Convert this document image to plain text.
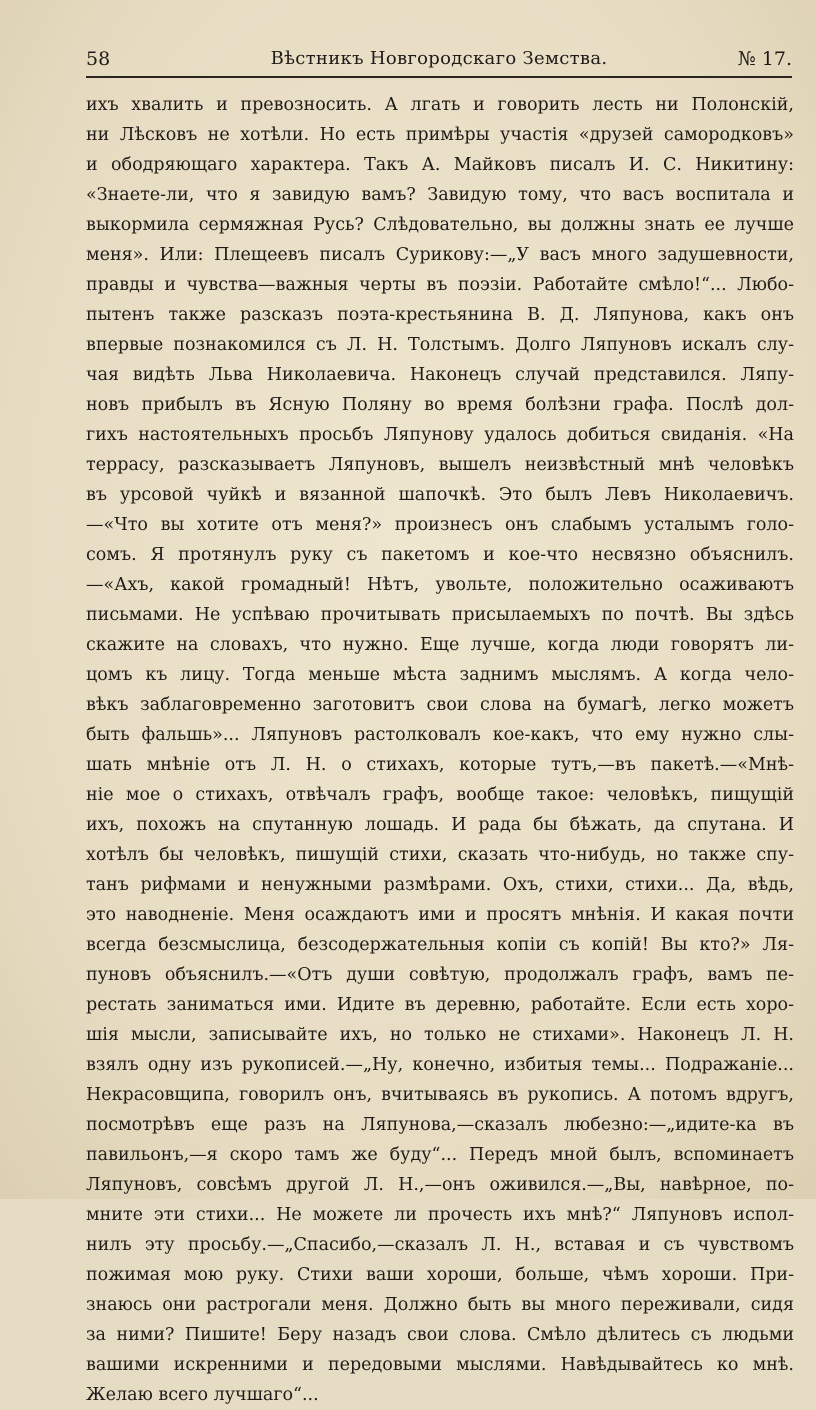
58	Вѣстникъ Новгородскаго Земства.	№ 17.
ихъ хвалить и превозносить. А лгать и говорить лесть ни Полонскій,
ни Лѣсковъ не хотѣли. Но есть примѣры участія «друзей самородковъ»
и ободряющаго характера. Такъ А. Майковъ писалъ И. С. Никитину:
«Знаете-ли, что я завидую вамъ? Завидую тому, что васъ воспитала и
выкормила сермяжная Русь? Слѣдовательно, вы должны знать ее лучше
меня». Или: Плещеевъ писалъ Сурикову:—„У васъ много задушевности,
правды и чувства—важныя черты въ поэзіи. Работайте смѣло!“... Любо-
пытенъ также разсказъ поэта-крестьянина В. Д. Ляпунова, какъ онъ
впервые познакомился съ Л. Н. Толстымъ. Долго Ляпуновъ искалъ слу-
чая видѣть Льва Николаевича. Наконецъ случай представился. Ляпу-
новъ прибылъ въ Ясную Поляну во время болѣзни графа. Послѣ дол-
гихъ настоятельныхъ просьбъ Ляпунову удалось добиться свиданія. «На
террасу, разсказываетъ Ляпуновъ, вышелъ неизвѣстный мнѣ человѣкъ
въ урсовой чуйкѣ и вязанной шапочкѣ. Это былъ Левъ Николаевичъ.
—«Что вы хотите отъ меня?» произнесъ онъ слабымъ усталымъ голо-
сомъ. Я протянулъ руку съ пакетомъ и кое-что несвязно объяснилъ.
—«Ахъ, какой громадный! Нѣтъ, увольте, положительно осаживаютъ
письмами. Не успѣваю прочитывать присылаемыхъ по почтѣ. Вы здѣсь
скажите на словахъ, что нужно. Еще лучше, когда люди говорятъ ли-
цомъ къ лицу. Тогда меньше мѣста заднимъ мыслямъ. А когда чело-
вѣкъ заблаговременно заготовитъ свои слова на бумагѣ, легко можетъ
быть фальшь»... Ляпуновъ растолковалъ кое-какъ, что ему нужно слы-
шать мнѣніе отъ Л. Н. о стихахъ, которые тутъ,—въ пакетѣ.—«Мнѣ-
ніе мое о стихахъ, отвѣчалъ графъ, вообще такое: человѣкъ, пищущій
ихъ, похожъ на спутанную лошадь. И рада бы бѣжать, да спутана. И
хотѣлъ бы человѣкъ, пишущій стихи, сказать что-нибудь, но также спу-
танъ рифмами и ненужными размѣрами. Охъ, стихи, стихи... Да, вѣдь,
это наводненіе. Меня осаждаютъ ими и просятъ мнѣнія. И какая почти
всегда безсмыслица, безсодержательныя копіи съ копій! Вы кто?» Ля-
пуновъ объяснилъ.—«Отъ души совѣтую, продолжалъ графъ, вамъ пе-
рестать заниматься ими. Идите въ деревню, работайте. Если есть хоро-
шія мысли, записывайте ихъ, но только не стихами». Наконецъ Л. Н.
взялъ одну изъ рукописей.—„Ну, конечно, избитыя темы... Подражаніе...
Некрасовщипа, говорилъ онъ, вчитываясь въ рукопись. А потомъ вдругъ,
посмотрѣвъ еще разъ на Ляпунова,—сказалъ любезно:—„идите-ка въ
павильонъ,—я скоро тамъ же буду“... Передъ мной былъ, вспоминаетъ
Ляпуновъ, совсѣмъ другой Л. Н.,—онъ оживился.—„Вы, навѣрное, по-
мните эти стихи... Не можете ли прочесть ихъ мнѣ?“ Ляпуновъ испол-
нилъ эту просьбу.—„Спасибо,—сказалъ Л. Н., вставая и съ чувствомъ
пожимая мою руку. Стихи ваши хороши, больше, чѣмъ хороши. При-
знаюсь они растрогали меня. Должно быть вы много переживали, сидя
за ними? Пишите! Беру назадъ свои слова. Смѣло дѣлитесь съ людьми
вашими искренними и передовыми мыслями. Навѣдывайтесь ко мнѣ.
Желаю всего лучшаго“...
